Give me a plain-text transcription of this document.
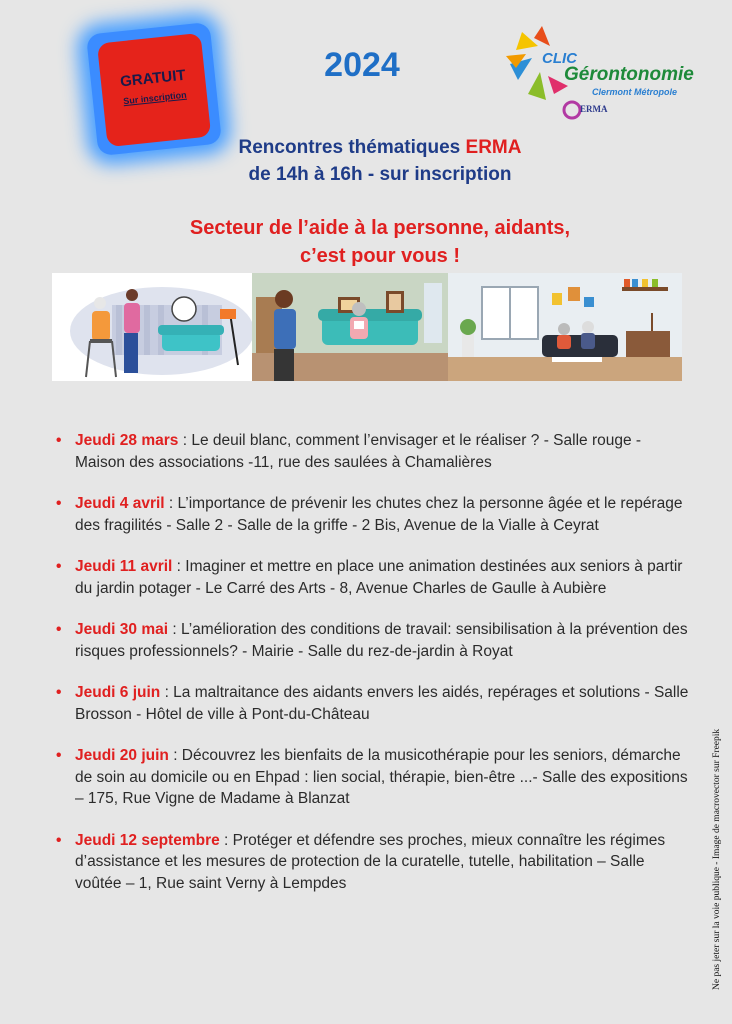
GRATUIT
Sur inscription
2024	CLIC
Gérontonomie
Clermont Métropole
ERMA
Rencontres thématiques ERMA
de 14h à 16h - sur inscription
Secteur de l’aide à la personne, aidants,
c’est pour vous !
• Jeudi 28 mars : Le deuil blanc, comment l’envisager et le réaliser ? - Salle rouge - Maison des associations -11, rue des saulées à Chamalières
• Jeudi 4 avril : L’importance de prévenir les chutes chez la personne âgée et le repérage des fragilités - Salle 2 - Salle de la griffe - 2 Bis, Avenue de la Vialle à Ceyrat
• Jeudi 11 avril : Imaginer et mettre en place une animation destinées aux seniors à partir du jardin potager - Le Carré des Arts - 8, Avenue Charles de Gaulle à Aubière
• Jeudi 30 mai : L’amélioration des conditions de travail: sensibilisation à la prévention des risques professionnels? - Mairie - Salle du rez-de-jardin à Royat
• Jeudi 6 juin : La maltraitance des aidants envers les aidés, repérages et solutions - Salle Brosson - Hôtel de ville à Pont-du-Château
• Jeudi 20 juin : Découvrez les bienfaits de la musicothérapie pour les seniors, démarche de soin au domicile ou en Ehpad : lien social, thérapie, bien-être ...- Salle des expositions – 175, Rue Vigne de Madame à Blanzat
• Jeudi 12 septembre : Protéger et défendre ses proches, mieux connaître les régimes d’assistance et les mesures de protection de la curatelle, tutelle, habilitation – Salle voûtée – 1, Rue saint Verny à Lempdes	Ne pas jeter sur la voie publique - Image de macrovector sur Freepik
